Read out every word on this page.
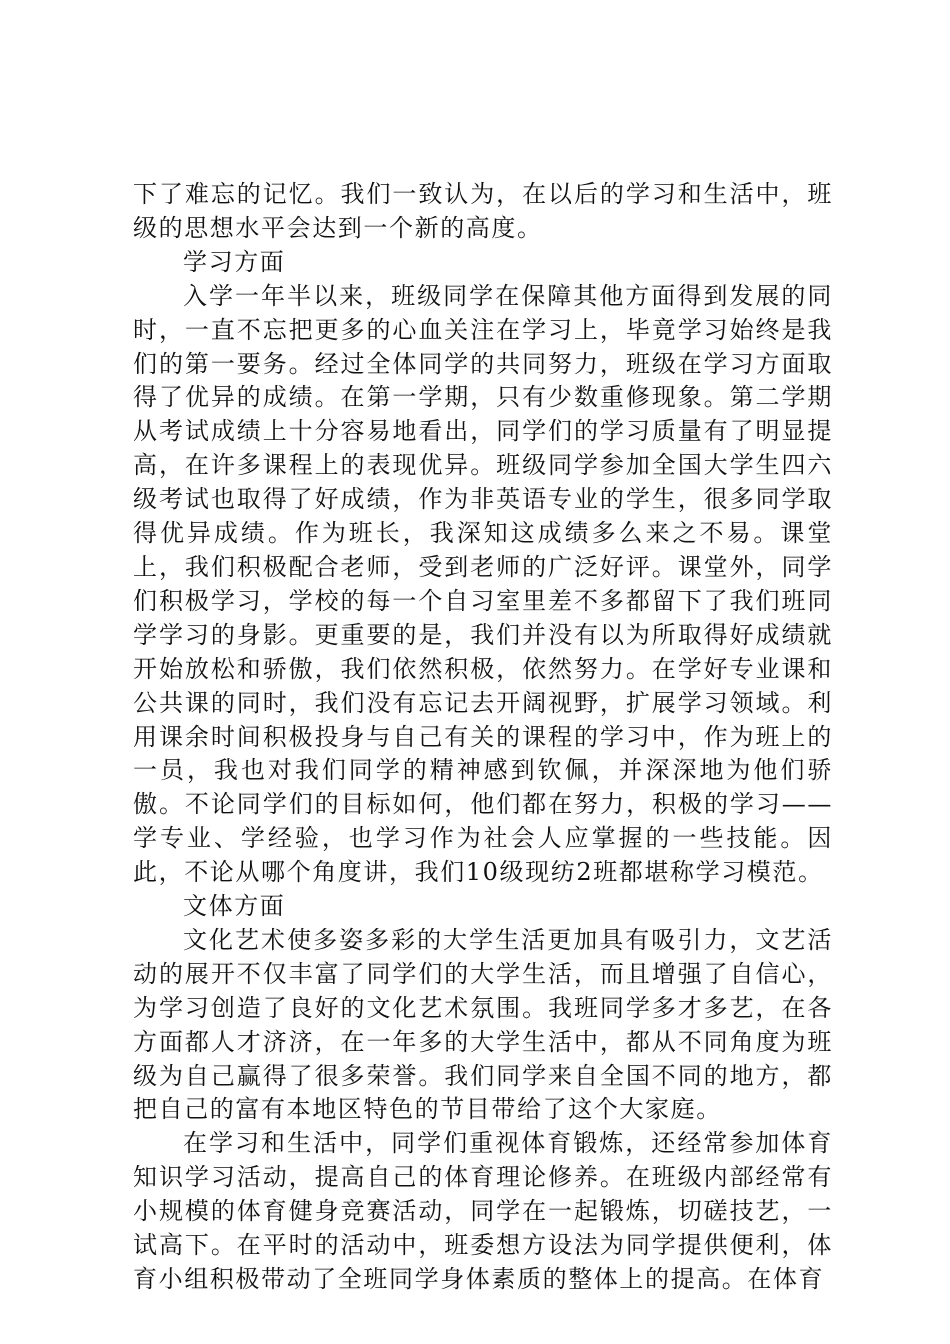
下了难忘的记忆。我们一致认为，在以后的学习和生活中，班级的思想水平会达到一个新的高度。

学习方面

入学一年半以来，班级同学在保障其他方面得到发展的同时，一直不忘把更多的心血关注在学习上，毕竟学习始终是我们的第一要务。经过全体同学的共同努力，班级在学习方面取得了优异的成绩。在第一学期，只有少数重修现象。第二学期从考试成绩上十分容易地看出，同学们的学习质量有了明显提高，在许多课程上的表现优异。班级同学参加全国大学生四六级考试也取得了好成绩，作为非英语专业的学生，很多同学取得优异成绩。作为班长，我深知这成绩多么来之不易。课堂上，我们积极配合老师，受到老师的广泛好评。课堂外，同学们积极学习，学校的每一个自习室里差不多都留下了我们班同学学习的身影。更重要的是，我们并没有以为所取得好成绩就开始放松和骄傲，我们依然积极，依然努力。在学好专业课和公共课的同时，我们没有忘记去开阔视野，扩展学习领域。利用课余时间积极投身与自己有关的课程的学习中，作为班上的一员，我也对我们同学的精神感到钦佩，并深深地为他们骄傲。不论同学们的目标如何，他们都在努力，积极的学习——学专业、学经验，也学习作为社会人应掌握的一些技能。因此，不论从哪个角度讲，我们10级现纺2班都堪称学习模范。

文体方面

文化艺术使多姿多彩的大学生活更加具有吸引力，文艺活动的展开不仅丰富了同学们的大学生活，而且增强了自信心，为学习创造了良好的文化艺术氛围。我班同学多才多艺，在各方面都人才济济，在一年多的大学生活中，都从不同角度为班级为自己赢得了很多荣誉。我们同学来自全国不同的地方，都把自己的富有本地区特色的节目带给了这个大家庭。

在学习和生活中，同学们重视体育锻炼，还经常参加体育知识学习活动，提高自己的体育理论修养。在班级内部经常有小规模的体育健身竞赛活动，同学在一起锻炼，切磋技艺，一试高下。在平时的活动中，班委想方设法为同学提供便利，体育小组积极带动了全班同学身体素质的整体上的提高。在体育
